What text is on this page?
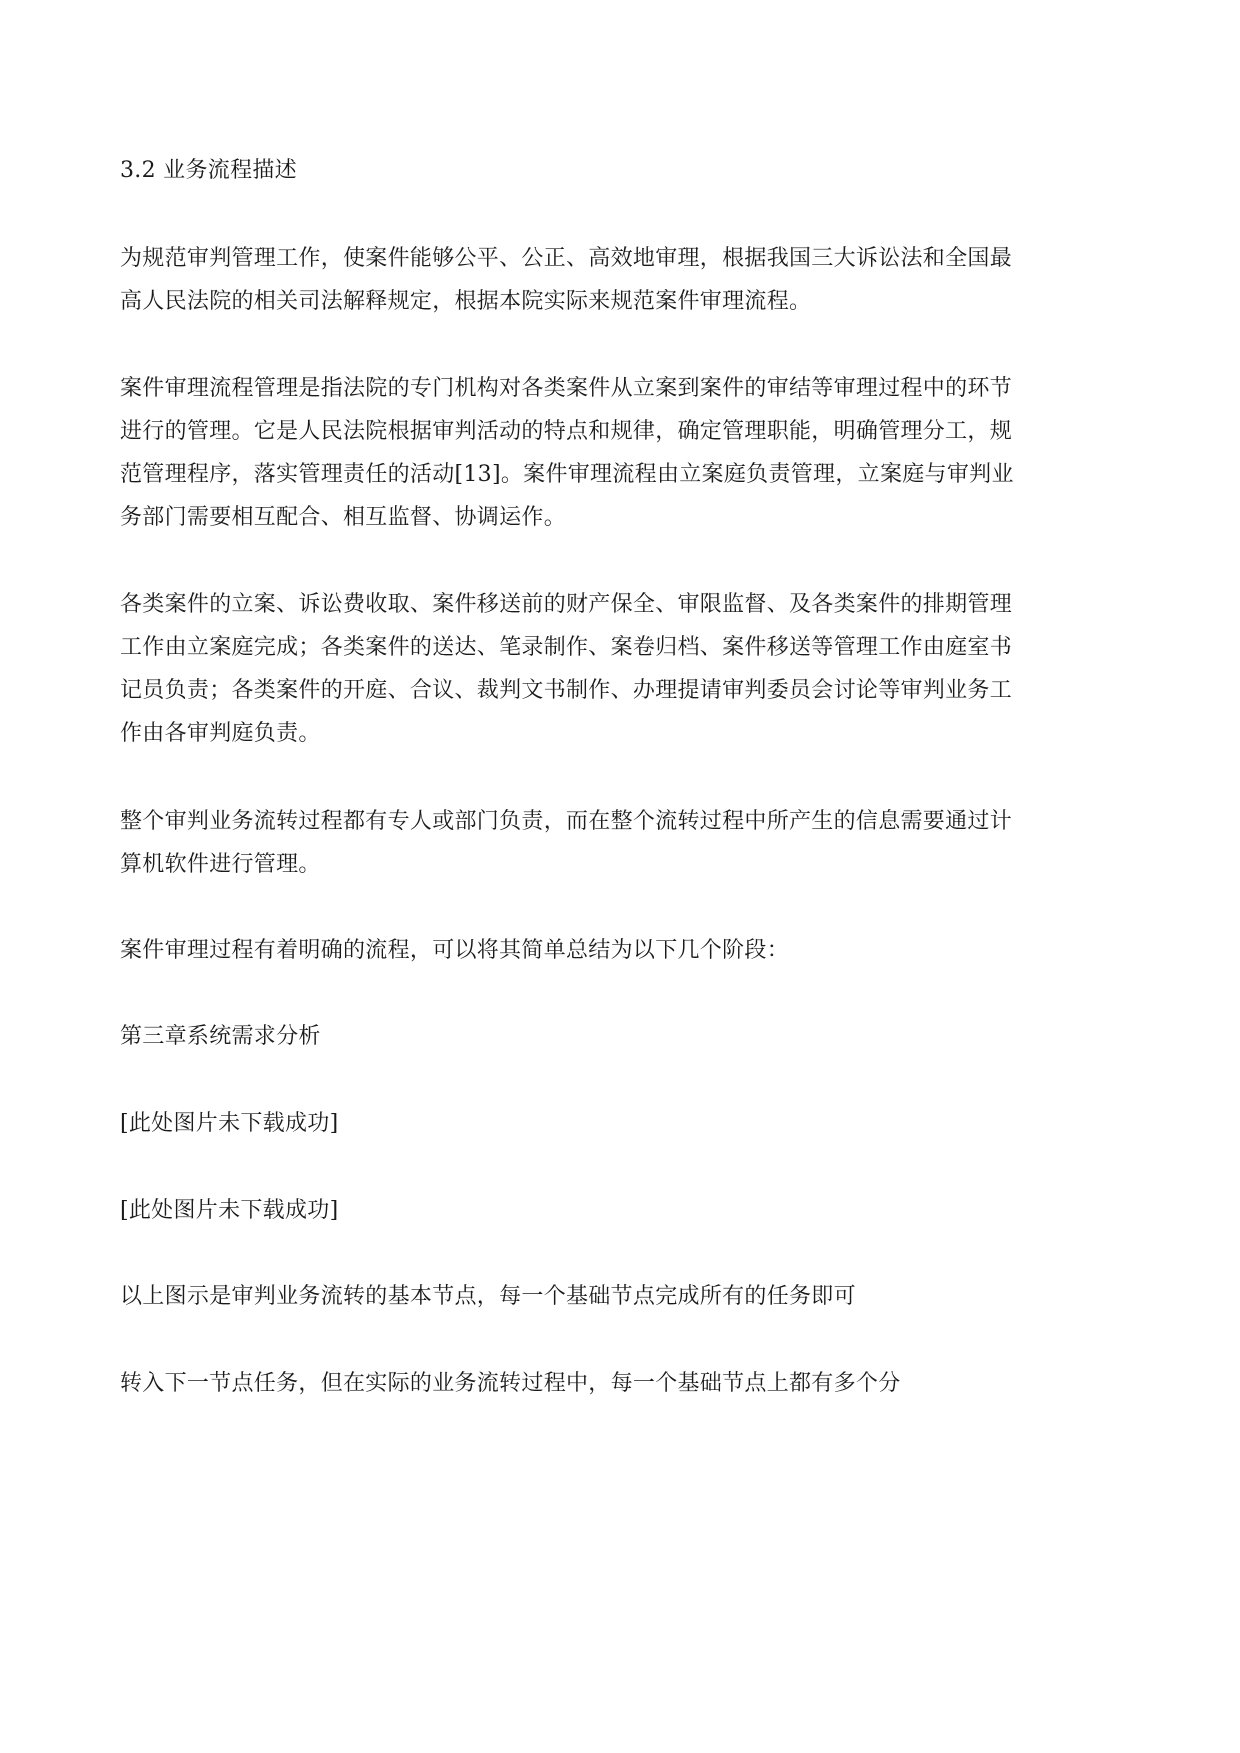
3.2 业务流程描述
为规范审判管理工作，使案件能够公平、公正、高效地审理，根据我国三大诉讼法和全国最
高人民法院的相关司法解释规定，根据本院实际来规范案件审理流程。
案件审理流程管理是指法院的专门机构对各类案件从立案到案件的审结等审理过程中的环节
进行的管理。它是人民法院根据审判活动的特点和规律，确定管理职能，明确管理分工，规
范管理程序，落实管理责任的活动[13]。案件审理流程由立案庭负责管理，立案庭与审判业
务部门需要相互配合、相互监督、协调运作。
各类案件的立案、诉讼费收取、案件移送前的财产保全、审限监督、及各类案件的排期管理
工作由立案庭完成；各类案件的送达、笔录制作、案卷归档、案件移送等管理工作由庭室书
记员负责；各类案件的开庭、合议、裁判文书制作、办理提请审判委员会讨论等审判业务工
作由各审判庭负责。
整个审判业务流转过程都有专人或部门负责，而在整个流转过程中所产生的信息需要通过计
算机软件进行管理。
案件审理过程有着明确的流程，可以将其简单总结为以下几个阶段：
第三章系统需求分析
[此处图片未下载成功]
[此处图片未下载成功]
以上图示是审判业务流转的基本节点，每一个基础节点完成所有的任务即可
转入下一节点任务，但在实际的业务流转过程中，每一个基础节点上都有多个分
